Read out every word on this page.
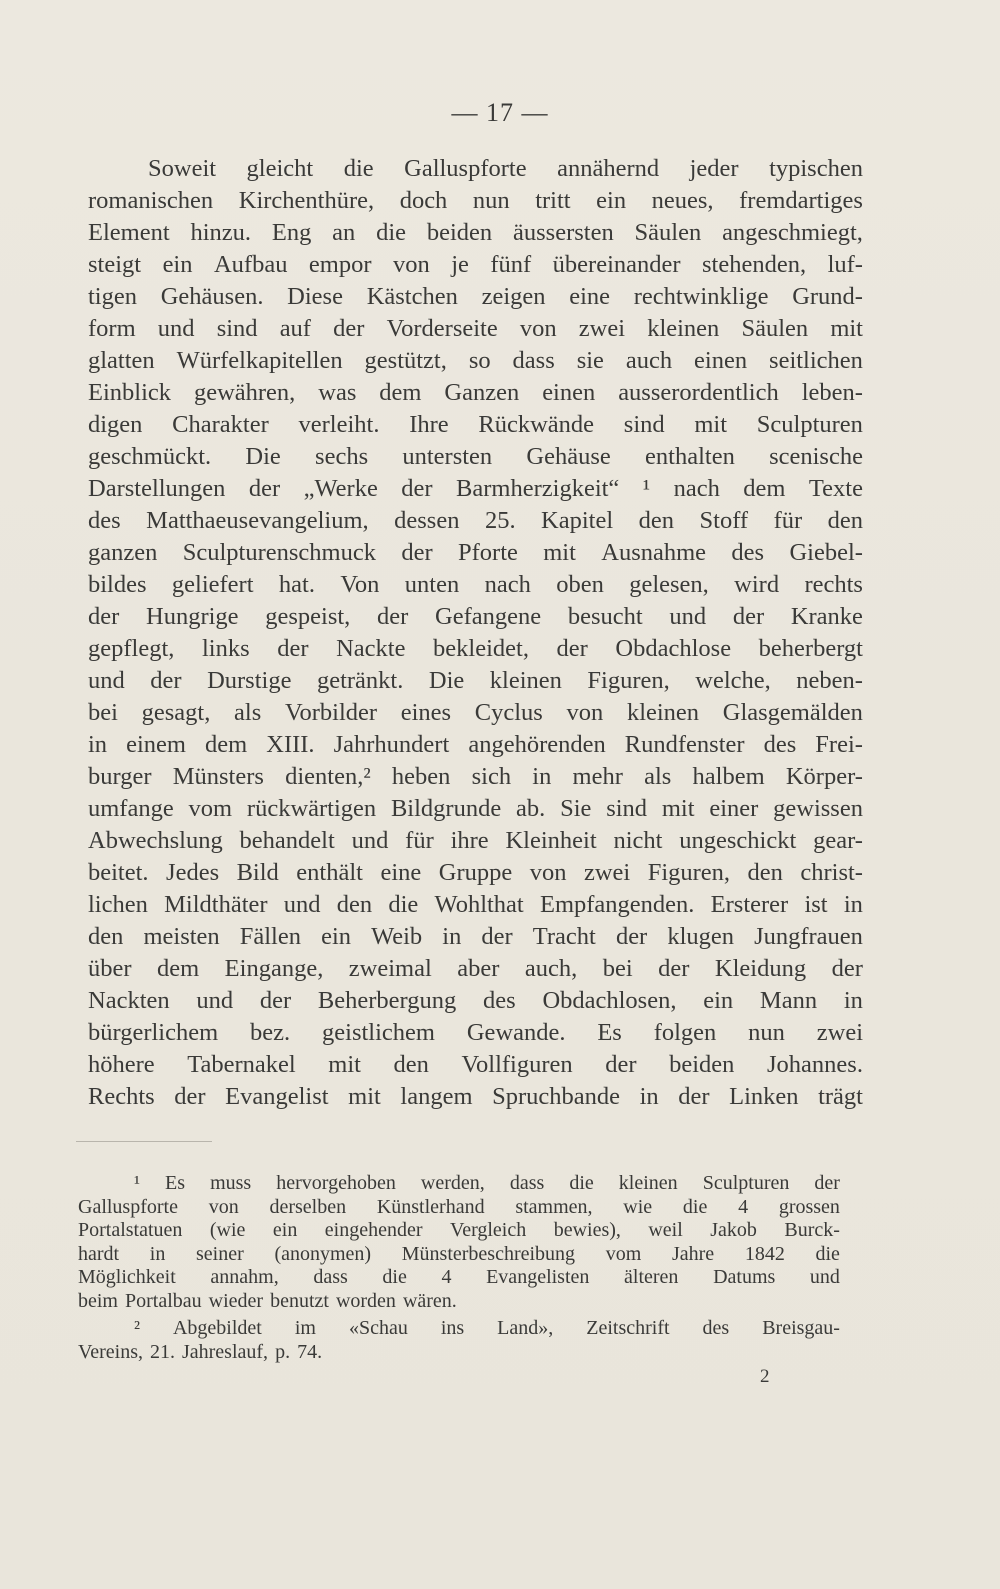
— 17 —
Soweit gleicht die Galluspforte annähernd jeder typischen
romanischen Kirchenthüre, doch nun tritt ein neues, fremdartiges
Element hinzu. Eng an die beiden äussersten Säulen angeschmiegt,
steigt ein Aufbau empor von je fünf übereinander stehenden, luf-
tigen Gehäusen. Diese Kästchen zeigen eine rechtwinklige Grund-
form und sind auf der Vorderseite von zwei kleinen Säulen mit
glatten Würfelkapitellen gestützt, so dass sie auch einen seitlichen
Einblick gewähren, was dem Ganzen einen ausserordentlich leben-
digen Charakter verleiht. Ihre Rückwände sind mit Sculpturen
geschmückt. Die sechs untersten Gehäuse enthalten scenische
Darstellungen der „Werke der Barmherzigkeit“ ¹ nach dem Texte
des Matthaeusevangelium, dessen 25. Kapitel den Stoff für den
ganzen Sculpturenschmuck der Pforte mit Ausnahme des Giebel-
bildes geliefert hat. Von unten nach oben gelesen, wird rechts
der Hungrige gespeist, der Gefangene besucht und der Kranke
gepflegt, links der Nackte bekleidet, der Obdachlose beherbergt
und der Durstige getränkt. Die kleinen Figuren, welche, neben-
bei gesagt, als Vorbilder eines Cyclus von kleinen Glasgemälden
in einem dem XIII. Jahrhundert angehörenden Rundfenster des Frei-
burger Münsters dienten,² heben sich in mehr als halbem Körper-
umfange vom rückwärtigen Bildgrunde ab. Sie sind mit einer gewissen
Abwechslung behandelt und für ihre Kleinheit nicht ungeschickt gear-
beitet. Jedes Bild enthält eine Gruppe von zwei Figuren, den christ-
lichen Mildthäter und den die Wohlthat Empfangenden. Ersterer ist in
den meisten Fällen ein Weib in der Tracht der klugen Jungfrauen
über dem Eingange, zweimal aber auch, bei der Kleidung der
Nackten und der Beherbergung des Obdachlosen, ein Mann in
bürgerlichem bez. geistlichem Gewande. Es folgen nun zwei
höhere Tabernakel mit den Vollfiguren der beiden Johannes.
Rechts der Evangelist mit langem Spruchbande in der Linken trägt
¹ Es muss hervorgehoben werden, dass die kleinen Sculpturen der
Galluspforte von derselben Künstlerhand stammen, wie die 4 grossen
Portalstatuen (wie ein eingehender Vergleich bewies), weil Jakob Burck-
hardt in seiner (anonymen) Münsterbeschreibung vom Jahre 1842 die
Möglichkeit annahm, dass die 4 Evangelisten älteren Datums und
beim Portalbau wieder benutzt worden wären.
² Abgebildet im «Schau ins Land», Zeitschrift des Breisgau-
Vereins, 21. Jahreslauf, p. 74.
2
